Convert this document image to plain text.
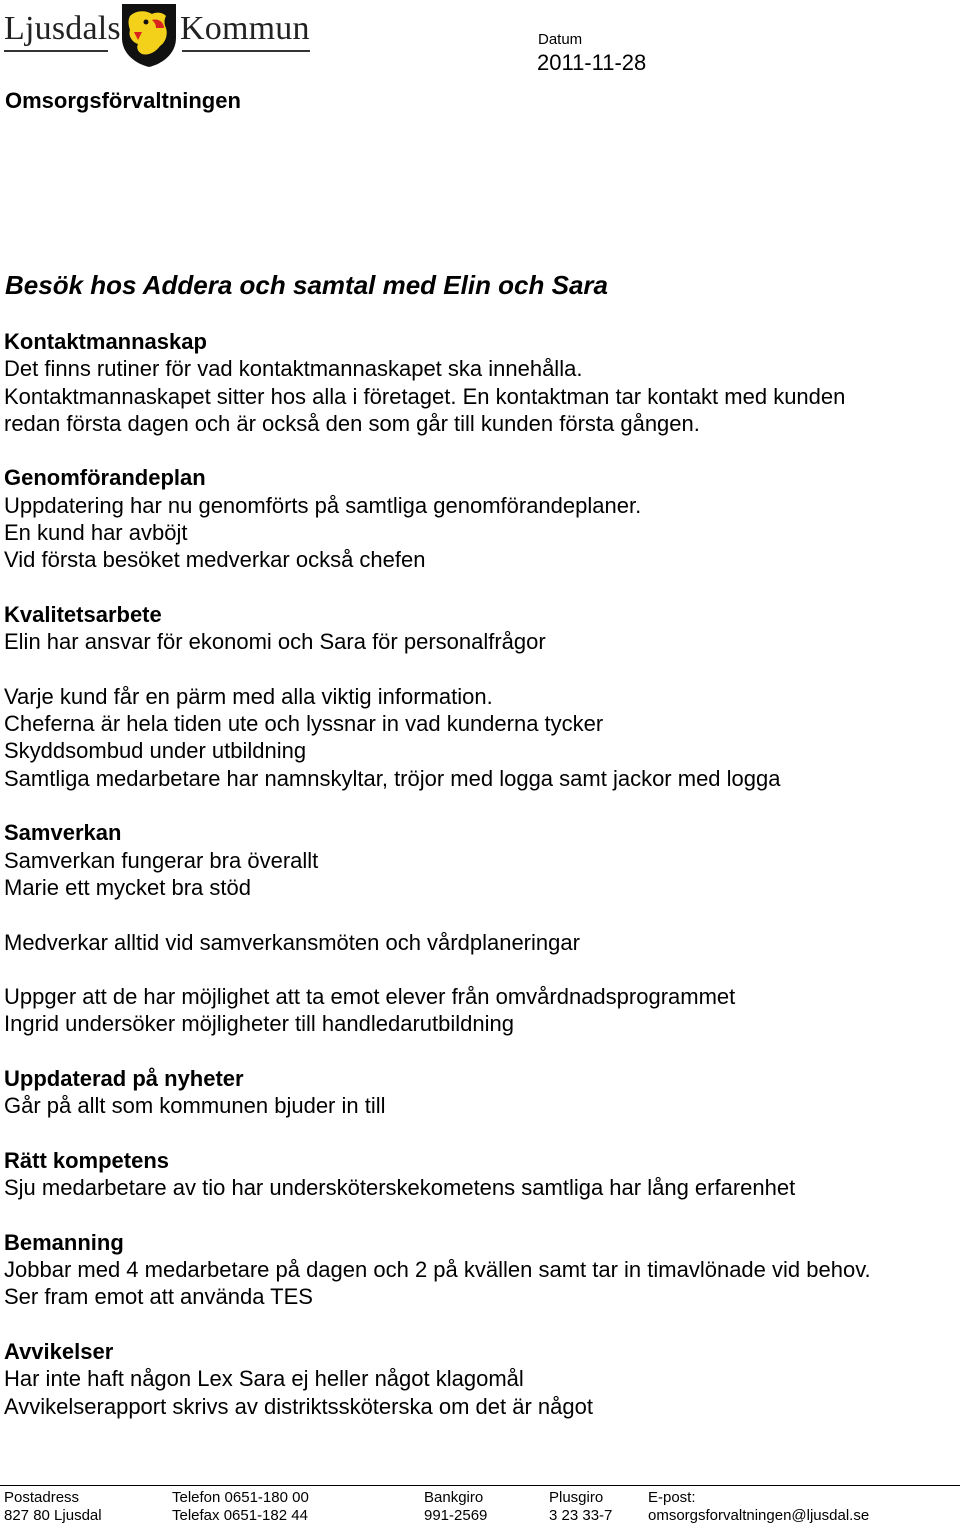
Ljusdals Kommun	Datum
2011-11-28
Omsorgsförvaltningen
Besök hos Addera och samtal med Elin och Sara
Kontaktmannaskap
Det finns rutiner för vad kontaktmannaskapet ska innehålla.
Kontaktmannaskapet sitter hos alla i företaget. En kontaktman tar kontakt med kunden
redan första dagen och är också den som går till kunden första gången.
Genomförandeplan
Uppdatering har nu genomförts på samtliga genomförandeplaner.
En kund har avböjt
Vid första besöket medverkar också chefen
Kvalitetsarbete
Elin har ansvar för ekonomi och Sara för personalfrågor
Varje kund får en pärm med alla viktig information.
Cheferna är hela tiden ute och lyssnar in vad kunderna tycker
Skyddsombud under utbildning
Samtliga medarbetare har namnskyltar, tröjor med logga samt jackor med logga
Samverkan
Samverkan fungerar bra överallt
Marie ett mycket bra stöd
Medverkar alltid vid samverkansmöten och vårdplaneringar
Uppger att de har möjlighet att ta emot elever från omvårdnadsprogrammet
Ingrid undersöker möjligheter till handledarutbildning
Uppdaterad på nyheter
Går på allt som kommunen bjuder in till
Rätt kompetens
Sju medarbetare av tio har undersköterskekometens samtliga har lång erfarenhet
Bemanning
Jobbar med 4 medarbetare på dagen och 2 på kvällen samt tar in timavlönade vid behov.
Ser fram emot att använda TES
Avvikelser
Har inte haft någon Lex Sara ej heller något klagomål
Avvikelserapport skrivs av distriktssköterska om det är något
Postadress
827 80 Ljusdal
Telefon 0651-180 00
Telefax 0651-182 44
Bankgiro
991-2569
Plusgiro
3 23 33-7
E-post:
omsorgsforvaltningen@ljusdal.se
